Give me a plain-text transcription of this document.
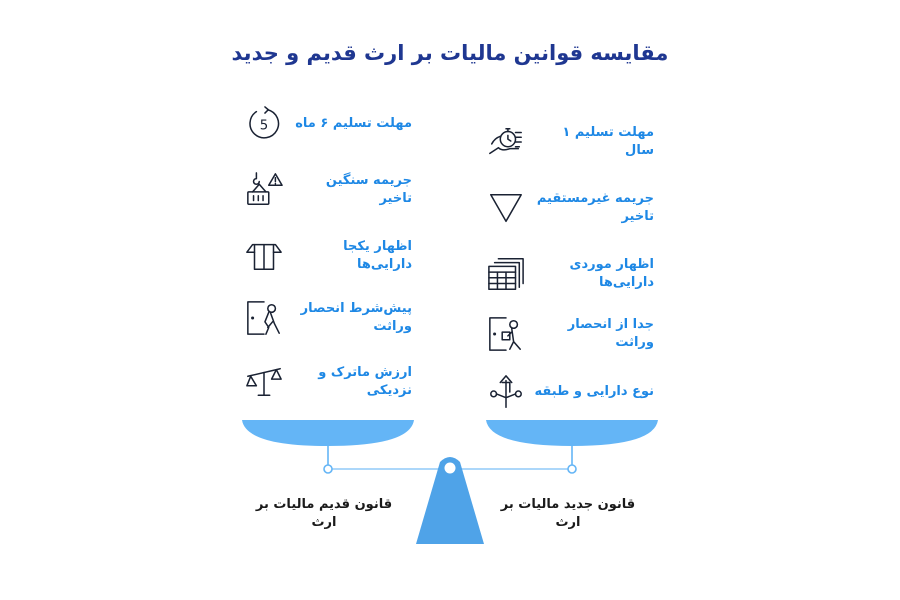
مقایسه قوانین مالیات بر ارث قدیم و جدید
5 مهلت تسلیم ۶ ماه
جریمه سنگین تاخیر
اظهار یکجا دارایی‌ها
پیش‌شرط انحصار وراثت
ارزش ماترک و نزدیکی
مهلت تسلیم ۱ سال
جریمه غیرمستقیم تاخیر
اظهار موردی دارایی‌ها
جدا از انحصار وراثت
نوع دارایی و طبقه
قانون قدیم مالیات بر ارث
قانون جدید مالیات بر ارث
